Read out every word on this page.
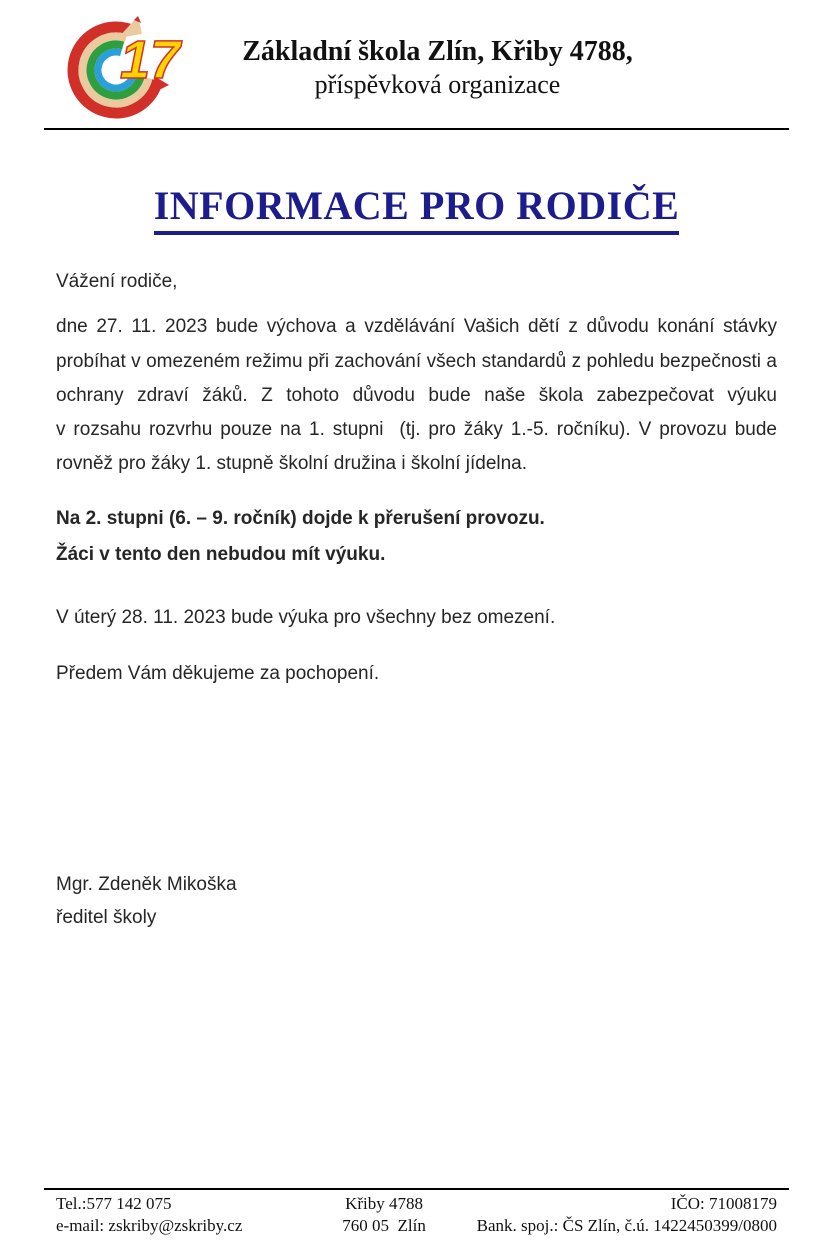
17	Základní škola Zlín, Křiby 4788,
příspěvková organizace
INFORMACE PRO RODIČE

Vážení rodiče,

dne 27. 11. 2023 bude výchova a vzdělávání Vašich dětí z důvodu konání stávky probíhat v omezeném režimu při zachování všech standardů z pohledu bezpečnosti a ochrany zdraví žáků. Z tohoto důvodu bude naše škola zabezpečovat výuku v rozsahu rozvrhu pouze na 1. stupni  (tj. pro žáky 1.-5. ročníku). V provozu bude rovněž pro žáky 1. stupně školní družina i školní jídelna.

Na 2. stupni (6. – 9. ročník) dojde k přerušení provozu.

Žáci v tento den nebudou mít výuku.

V úterý 28. 11. 2023 bude výuka pro všechny bez omezení.

Předem Vám děkujeme za pochopení.

Mgr. Zdeněk Mikoška
ředitel školy
Tel.:577 142 075
e-mail: zskriby@zskriby.cz
Křiby 4788
760 05  Zlín
IČO: 71008179
Bank. spoj.: ČS Zlín, č.ú. 1422450399/0800
